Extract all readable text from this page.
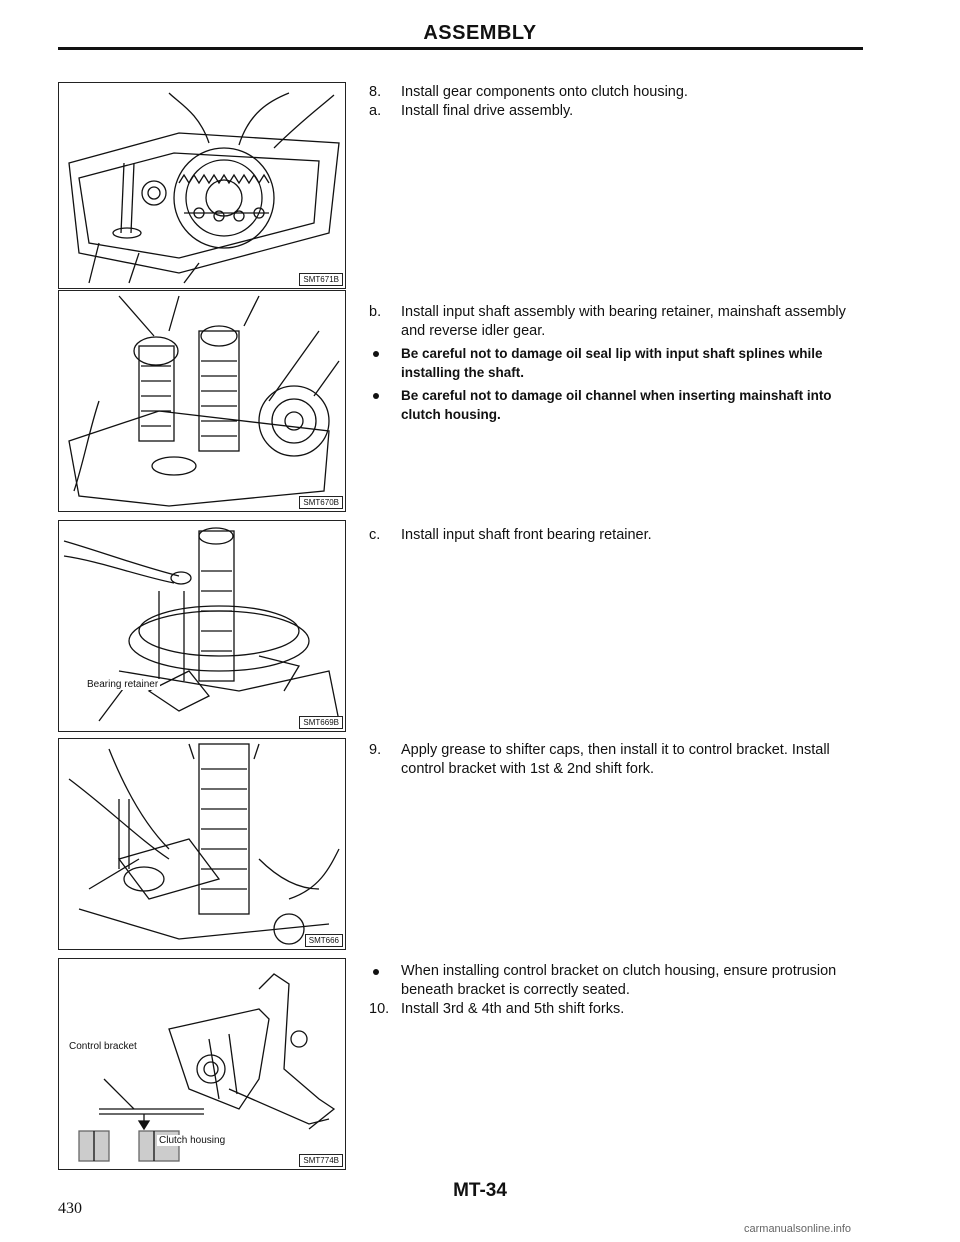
ASSEMBLY
SMT671B
SMT670B
Bearing retainer
SMT669B
SMT666
Control bracket
Clutch housing
SMT774B
8. Install gear components onto clutch housing.
a. Install final drive assembly.
b. Install input shaft assembly with bearing retainer, mainshaft assembly and reverse idler gear.
Be careful not to damage oil seal lip with input shaft splines while installing the shaft.
Be careful not to damage oil channel when inserting mainshaft into clutch housing.
c. Install input shaft front bearing retainer.
9. Apply grease to shifter caps, then install it to control bracket. Install control bracket with 1st & 2nd shift fork.
When installing control bracket on clutch housing, ensure protrusion beneath bracket is correctly seated.
10. Install 3rd & 4th and 5th shift forks.
MT-34
430
carmanualsonline.info
